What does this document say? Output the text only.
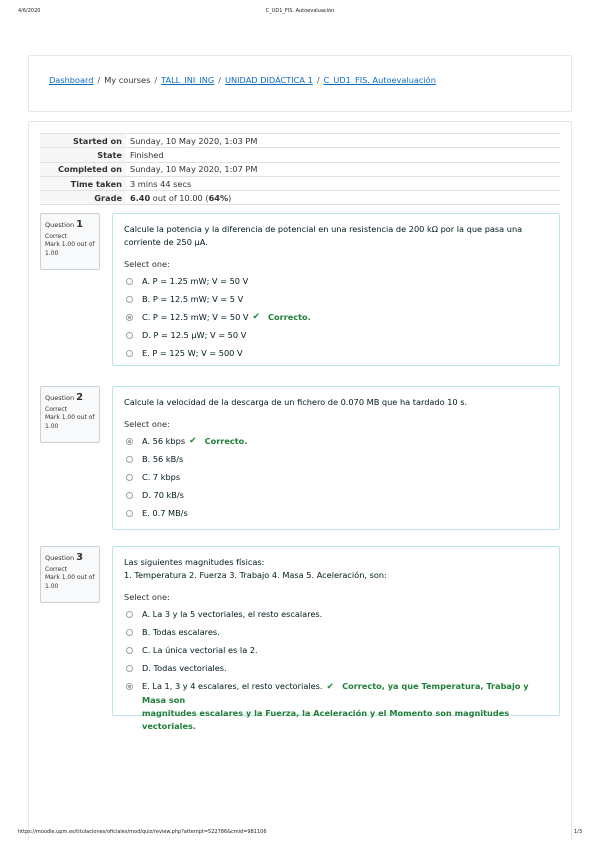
4/6/2020	C_UD1_FIS. Autoevaluación
Dashboard / My courses / TALL_INI_ING / UNIDAD DIDÁCTICA 1 / C_UD1_FIS. Autoevaluación
Started on	Sunday, 10 May 2020, 1:03 PM
State	Finished
Completed on	Sunday, 10 May 2020, 1:07 PM
Time taken	3 mins 44 secs
Grade	6.40 out of 10.00 (64%)
Question 1
Correct
Mark 1.00 out of 1.00
Calcule la potencia y la diferencia de potencial en una resistencia de 200 kΩ por la que pasa una corriente de 250 µA.
Select one:
A. P = 1.25 mW; V = 50 V
B. P = 12.5 mW; V = 5 V
C. P = 12.5 mW; V = 50 V ✔ Correcto.
D. P = 12.5 µW; V = 50 V
E. P = 125 W; V = 500 V
Question 2
Correct
Mark 1.00 out of 1.00
Calcule la velocidad de la descarga de un fichero de 0.070 MB que ha tardado 10 s.
Select one:
A. 56 kbps ✔ Correcto.
B. 56 kB/s
C. 7 kbps
D. 70 kB/s
E. 0.7 MB/s
Question 3
Correct
Mark 1.00 out of 1.00
Las siguientes magnitudes físicas:
1. Temperatura 2. Fuerza 3. Trabajo 4. Masa 5. Aceleración, son:
Select one:
A. La 3 y la 5 vectoriales, el resto escalares.
B. Todas escalares.
C. La única vectorial es la 2.
D. Todas vectoriales.
E. La 1, 3 y 4 escalares, el resto vectoriales. ✔ Correcto, ya que Temperatura, Trabajo y Masa son
magnitudes escalares y la Fuerza, la Aceleración y el Momento son magnitudes vectoriales.
https://moodle.upm.es/titulaciones/oficiales/mod/quiz/review.php?attempt=522786&cmid=981106	1/3
